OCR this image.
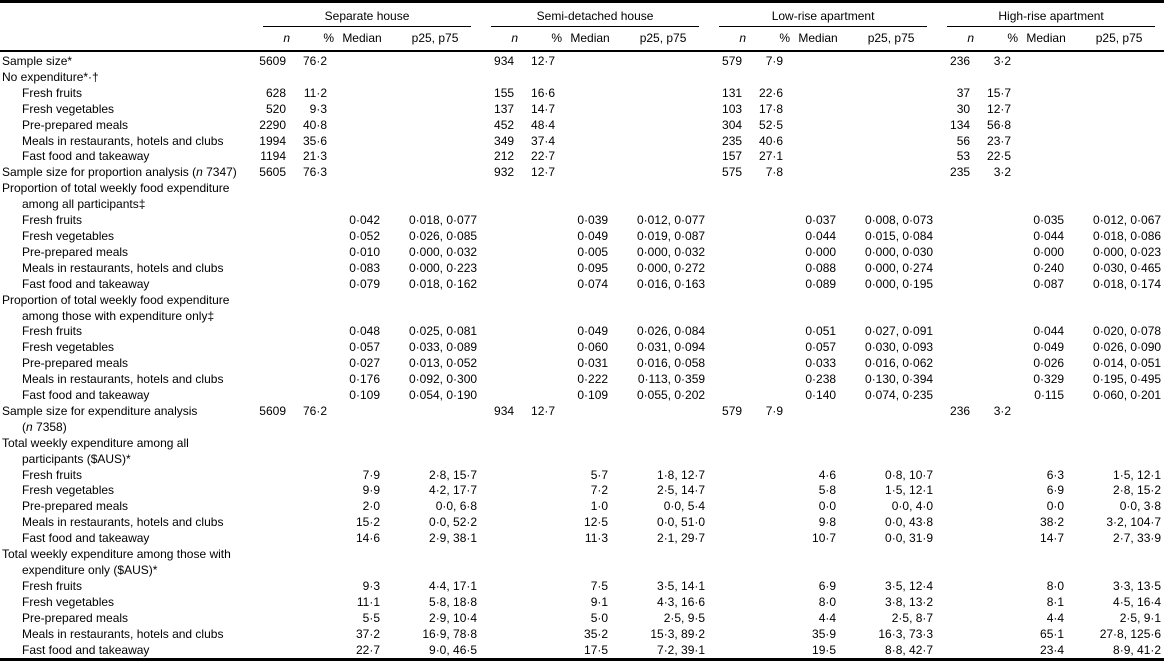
	Separate house				Semi-detached house				Low-rise apartment				High-rise apartment			

	n	%	Median	p25, p75	n	%	Median	p25, p75	n	%	Median	p25, p75	n	%	Median	p25, p75

Sample size*	5609	76·2			934	12·7			579	7·9			236	3·2		

No expenditure*·†																

Fresh fruits	628	11·2			155	16·6			131	22·6			37	15·7		

Fresh vegetables	520	9·3			137	14·7			103	17·8			30	12·7		

Pre-prepared meals	2290	40·8			452	48·4			304	52·5			134	56·8		

Meals in restaurants, hotels and clubs	1994	35·6			349	37·4			235	40·6			56	23·7		

Fast food and takeaway	1194	21·3			212	22·7			157	27·1			53	22·5		

Sample size for proportion analysis (n 7347)	5605	76·3			932	12·7			575	7·8			235	3·2		

Proportion of total weekly food expenditure
among all participants‡																

Fresh fruits			0·042	0·018, 0·077			0·039	0·012, 0·077			0·037	0·008, 0·073			0·035	0·012, 0·067

Fresh vegetables			0·052	0·026, 0·085			0·049	0·019, 0·087			0·044	0·015, 0·084			0·044	0·018, 0·086

Pre-prepared meals			0·010	0·000, 0·032			0·005	0·000, 0·032			0·000	0·000, 0·030			0·000	0·000, 0·023

Meals in restaurants, hotels and clubs			0·083	0·000, 0·223			0·095	0·000, 0·272			0·088	0·000, 0·274			0·240	0·030, 0·465

Fast food and takeaway			0·079	0·018, 0·162			0·074	0·016, 0·163			0·089	0·000, 0·195			0·087	0·018, 0·174

Proportion of total weekly food expenditure
among those with expenditure only‡																

Fresh fruits			0·048	0·025, 0·081			0·049	0·026, 0·084			0·051	0·027, 0·091			0·044	0·020, 0·078

Fresh vegetables			0·057	0·033, 0·089			0·060	0·031, 0·094			0·057	0·030, 0·093			0·049	0·026, 0·090

Pre-prepared meals			0·027	0·013, 0·052			0·031	0·016, 0·058			0·033	0·016, 0·062			0·026	0·014, 0·051

Meals in restaurants, hotels and clubs			0·176	0·092, 0·300			0·222	0·113, 0·359			0·238	0·130, 0·394			0·329	0·195, 0·495

Fast food and takeaway			0·109	0·054, 0·190			0·109	0·055, 0·202			0·140	0·074, 0·235			0·115	0·060, 0·201

Sample size for expenditure analysis
(n 7358)	5609	76·2			934	12·7			579	7·9			236	3·2		

Total weekly expenditure among all
participants ($AUS)*																

Fresh fruits			7·9	2·8, 15·7			5·7	1·8, 12·7			4·6	0·8, 10·7			6·3	1·5, 12·1

Fresh vegetables			9·9	4·2, 17·7			7·2	2·5, 14·7			5·8	1·5, 12·1			6·9	2·8, 15·2

Pre-prepared meals			2·0	0·0, 6·8			1·0	0·0, 5·4			0·0	0·0, 4·0			0·0	0·0, 3·8

Meals in restaurants, hotels and clubs			15·2	0·0, 52·2			12·5	0·0, 51·0			9·8	0·0, 43·8			38·2	3·2, 104·7

Fast food and takeaway			14·6	2·9, 38·1			11·3	2·1, 29·7			10·7	0·0, 31·9			14·7	2·7, 33·9

Total weekly expenditure among those with
expenditure only ($AUS)*																

Fresh fruits			9·3	4·4, 17·1			7·5	3·5, 14·1			6·9	3·5, 12·4			8·0	3·3, 13·5

Fresh vegetables			11·1	5·8, 18·8			9·1	4·3, 16·6			8·0	3·8, 13·2			8·1	4·5, 16·4

Pre-prepared meals			5·5	2·9, 10·4			5·0	2·5, 9·5			4·4	2·5, 8·7			4·4	2·5, 9·1

Meals in restaurants, hotels and clubs			37·2	16·9, 78·8			35·2	15·3, 89·2			35·9	16·3, 73·3			65·1	27·8, 125·6

Fast food and takeaway			22·7	9·0, 46·5			17·5	7·2, 39·1			19·5	8·8, 42·7			23·4	8·9, 41·2
